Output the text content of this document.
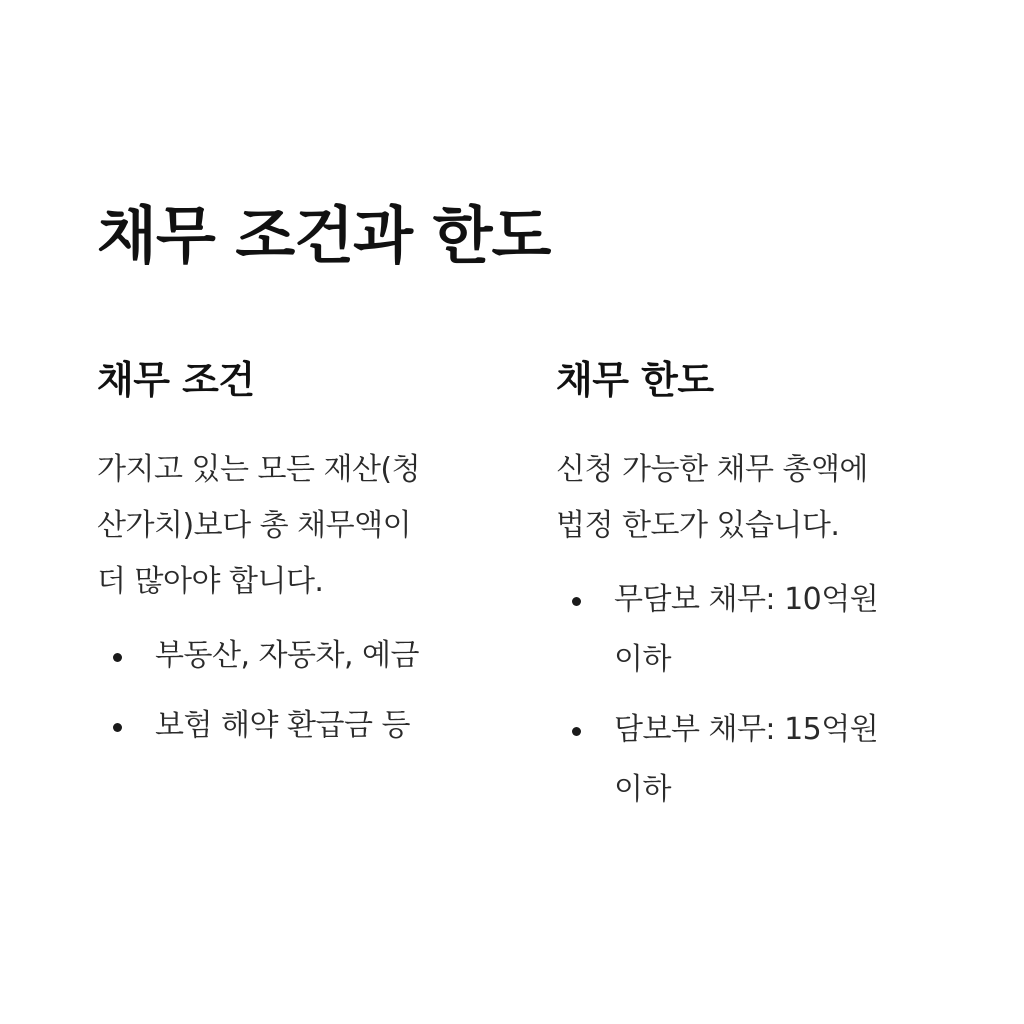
채무 조건과 한도
채무 조건

가지고 있는 모든 재산(청
산가치)보다 총 채무액이
더 많아야 합니다.

부동산, 자동차, 예금
보험 해약 환급금 등
채무 한도

신청 가능한 채무 총액에
법정 한도가 있습니다.

무담보 채무: 10억원
이하
담보부 채무: 15억원
이하
